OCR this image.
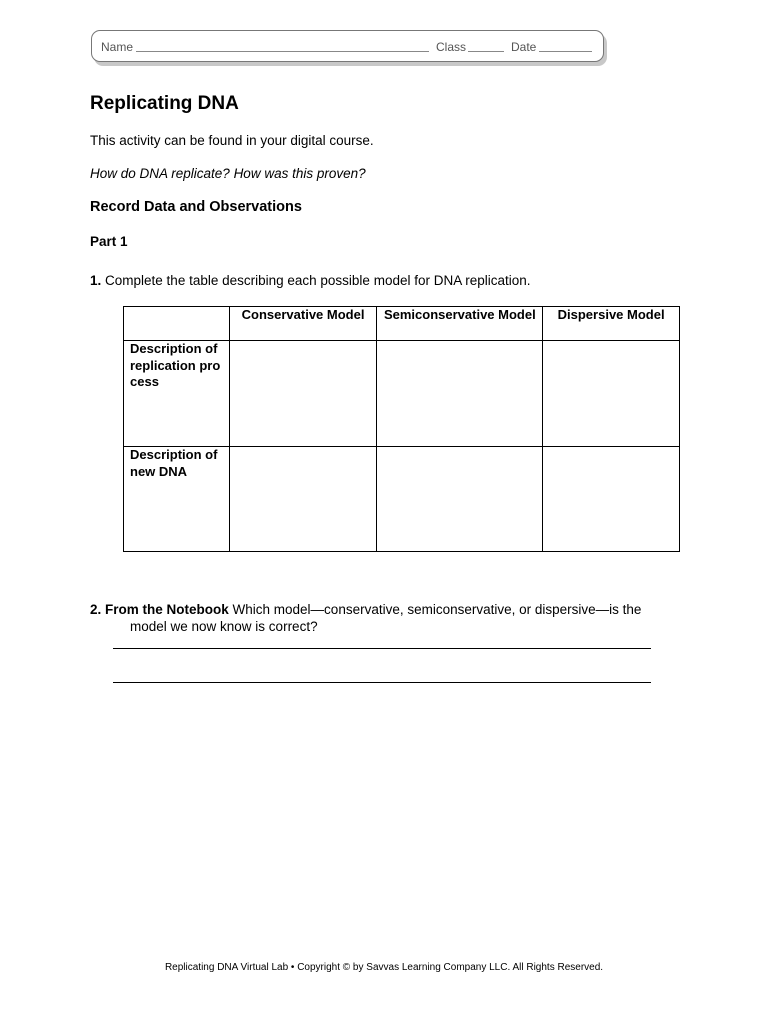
Name	Class	Date
Replicating DNA
This activity can be found in your digital course.
How do DNA replicate? How was this proven?
Record Data and Observations
Part 1
1. Complete the table describing each possible model for DNA replication.
	Conservative Model	Semiconservative Model	Dispersive Model
Description of replication process			
Description of new DNA			
2. From the Notebook Which model—conservative, semiconservative, or dispersive—is the
model we now know is correct?
Replicating DNA Virtual Lab • Copyright © by Savvas Learning Company LLC. All Rights Reserved.
